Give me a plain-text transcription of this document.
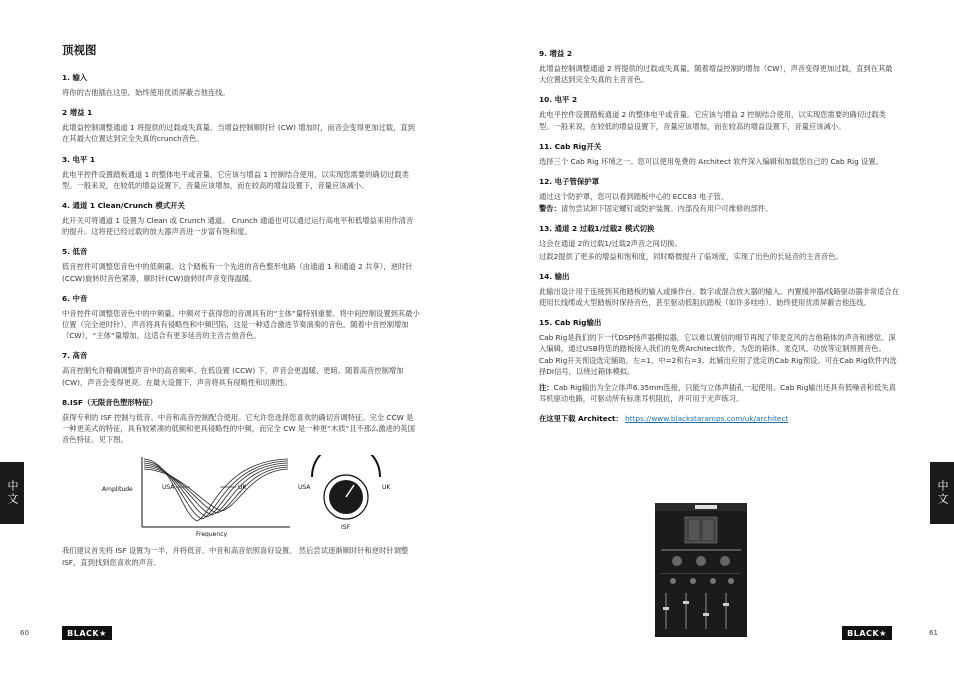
顶视图
1. 输入

将你的吉他插在这里。始终使用优质屏蔽吉他连线。

2 增益 1

此增益控制调整通道 1 将提供的过载或失真量。当增益控制顺时针 (CW) 增加时，而音会变得更加过载，直到在其最大位置达到完全失真的crunch音色。

3. 电平 1

此电平控件设置踏板通道 1 的整体电平或音量。它应该与增益 1 控制结合使用，以实现您需要的确切过载类型。一般来说，在较低的增益设置下，音量应该增加，而在较高的增益设置下，音量应该减小。

4. 通道 1 Clean/Crunch 模式开关

此开关可将通道 1 设置为 Clean 或 Crunch 通道。 Crunch 通道也可以通过运行高电平和低增益来用作清音的提升。这将使已经过载的放大器声音进一步富有饱和度。

5. 低音

低音控件可调整您音色中的低频量。这个踏板有一个先进的音色整形电路（由通道 1 和通道 2 共享），逆时针 (CCW)旋转时音色紧凑，顺时针(CW)旋转时声音变得温暖。

6. 中音

中音控件可调整您音色中的中频量。中频对于获得您的音调具有的“主体”量特别重要。将中间控制设置到其最小位置（完全逆时针），声音将具有侵略性和中频凹陷，这是一种适合激进节奏演奏的音色。随着中音控制增加（CW），“主体”量增加，这适合有更多延音的主音吉他音色。

7. 高音

高音控制允许精确调整声音中的高音频率。在低设置 (CCW) 下，声音会更温暖、更暗。随着高音控制增加 (CW)，声音会变得更亮。在最大设置下，声音将具有侵略性和切割性。

8.ISF（无限音色塑形特征）

获得专利的 ISF 控制与低音、中音和高音控制配合使用。它允许您选择您喜欢的确切音调特征。完全 CCW 是一种更美式的特征，具有较紧凑的低频和更具侵略性的中频，而完全 CW 是一种更“木质”且不那么激进的英国音色特征。见下图。

Amplitude
Frequency
USA	UK	USA	UK
ISF

我们建议首先将 ISF 设置为一半，并将低音、中音和高音依照喜好设置。 然后尝试逐渐顺时针和逆时针调整 ISF，直到找到您喜欢的声音。

中文
60	BLACK★
9. 增益 2

此增益控制调整通道 2 将提供的过载或失真量。随着增益控制的增加（CW），声音变得更加过载，直到在其最大位置达到完全失真的主音音色。

10. 电平 2

此电平控件设置踏板通道 2 的整体电平或音量。它应该与增益 2 控制结合使用，以实现您需要的确切过载类型。一般来说，在较低的增益设置下，音量应该增加，而在较高的增益设置下，音量应该减小。

11. Cab Rig开关

选择三个 Cab Rig 环境之一。您可以使用免费的 Architect 软件深入编辑和加载您自己的 Cab Rig 设置。

12. 电子管保护罩

通过这个防护罩，您可以看到踏板中心的 ECC83 电子管。

警告：请勿尝试卸下固定螺钉或防护装置。内部没有用户可维修的部件。

13. 通道 2 过载1/过载2 模式切换

这会在通道 2的过载1/过载2声音之间切换。

过载2提供了更多的增益和饱和度，同时略微提升了临场度，实现了出色的长延音的主音音色。

14. 输出

此输出设计用于连接到其他踏板的输入或操作台、数字或混合放大器的输入。内置缓冲器/线路驱动器非常适合在使用长线缆或大型踏板时保持音色，甚至驱动低阻抗踏板（如许多哇哇）。始终使用优质屏蔽吉他连线。

15. Cab Rig输出

Cab Rig是我们的下一代DSP扬声器模拟器，它以难以置信的细节再现了带麦克风的吉他箱体的声音和感觉。深入编辑，通过USB将您的踏板接入我们的免费Architect软件，为您的箱体、麦克风、功放等定制预置音色。Cab Rig开关预设选定辅助，左=1、中=2和右=3。此辅出应用了选定的Cab Rig预设。可在Cab Rig软件内选择DI信号，以绕过箱体模拟。

注：Cab Rig输出为全立体声6.35mm连接，只能与立体声插孔一起使用。Cab Rig输出还具有低噪音和低失真耳机驱动电路，可驱动所有标准耳机阻抗，并可用于无声练习。

在这里下载 Architect： https://www.blackstaramps.com/uk/architect

中文
61
BLACK★
